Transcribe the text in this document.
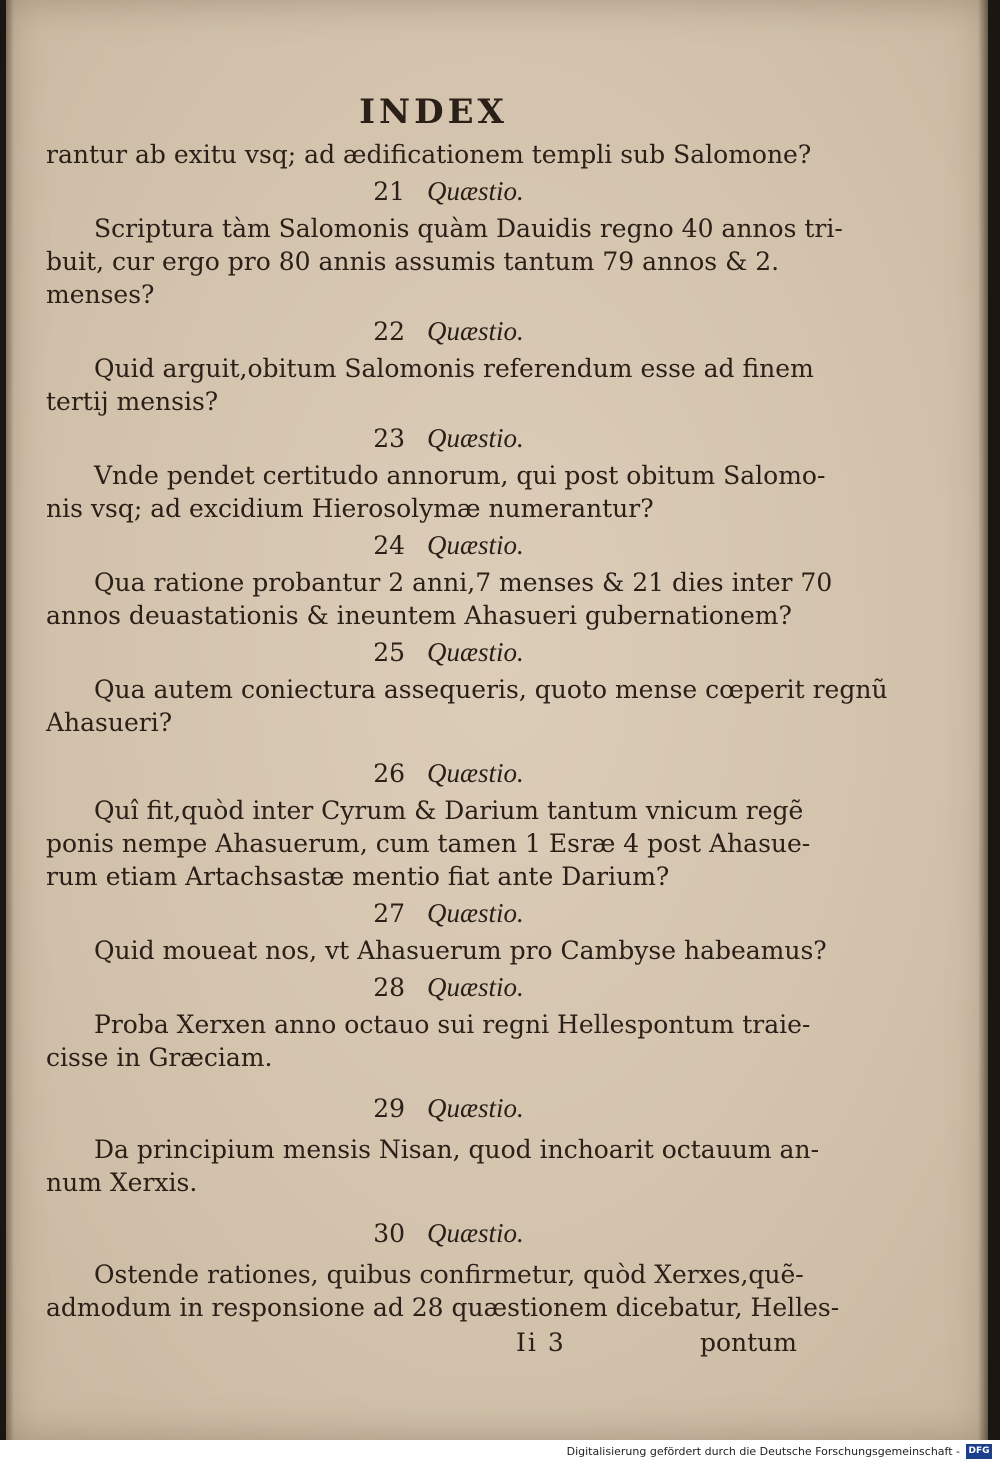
INDEX
rantur ab exitu vsq; ad ædificationem templi sub Salomone?
21 Quæstio.
Scriptura tàm Salomonis quàm Dauidis regno 40 annos tri-
buit, cur ergo pro 80 annis assumis tantum 79 annos & 2.
menses?
22 Quæstio.
Quid arguit,obitum Salomonis referendum esse ad finem
tertij mensis?
23 Quæstio.
Vnde pendet certitudo annorum, qui post obitum Salomo-
nis vsq; ad excidium Hierosolymæ numerantur?
24 Quæstio.
Qua ratione probantur 2 anni,7 menses & 21 dies inter 70
annos deuastationis & ineuntem Ahasueri gubernationem?
25 Quæstio.
Qua autem coniectura assequeris, quoto mense cœperit regnũ
Ahasueri?
26 Quæstio.
Quî fit,quòd inter Cyrum & Darium tantum vnicum regẽ
ponis nempe Ahasuerum, cum tamen 1 Esræ 4 post Ahasue-
rum etiam Artachsastæ mentio fiat ante Darium?
27 Quæstio.
Quid moueat nos, vt Ahasuerum pro Cambyse habeamus?
28 Quæstio.
Proba Xerxen anno octauo sui regni Hellespontum traie-
cisse in Græciam.
29 Quæstio.
Da principium mensis Nisan, quod inchoarit octauum an-
num Xerxis.
30 Quæstio.
Ostende rationes, quibus confirmetur, quòd Xerxes,quẽ-
admodum in responsione ad 28 quæstionem dicebatur, Helles-
Ii 3	pontum
Digitalisierung gefördert durch die Deutsche Forschungsgemeinschaft - DFG
